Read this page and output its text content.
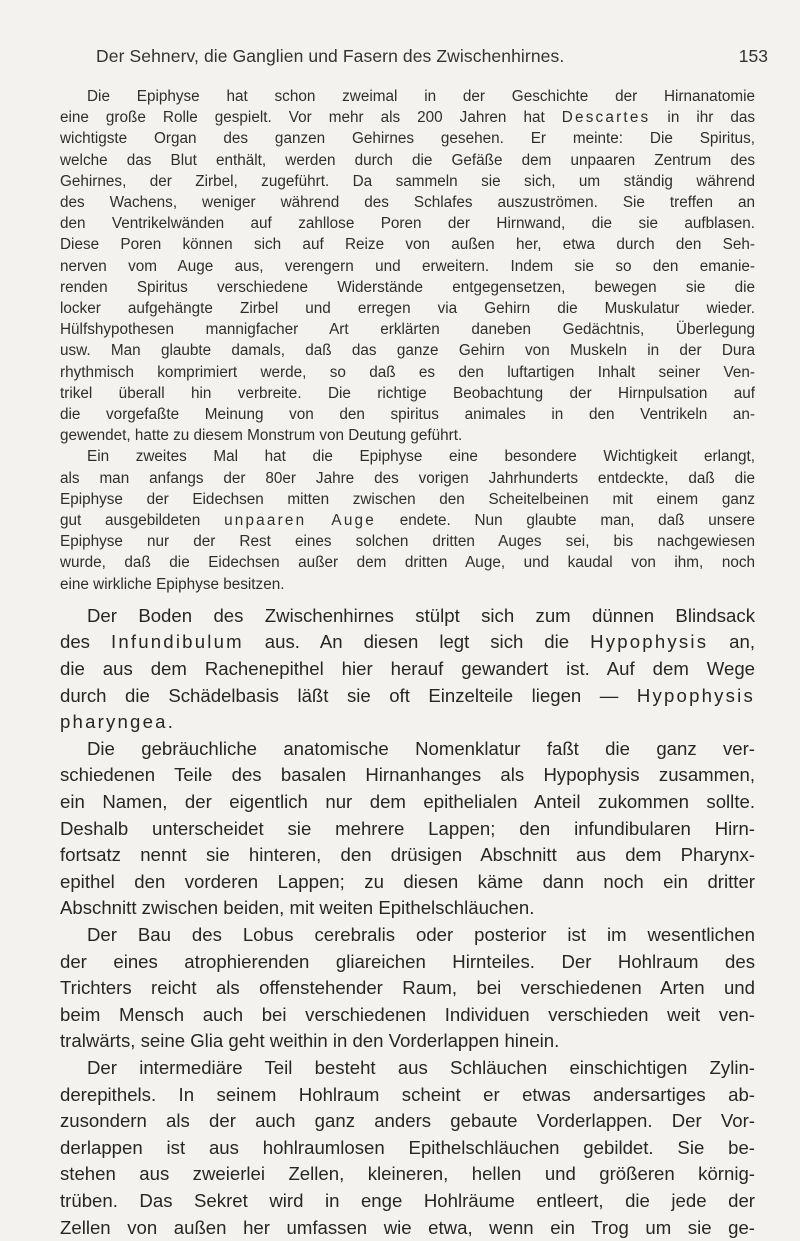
Der Sehnerv, die Ganglien und Fasern des Zwischenhirnes.	153

Die Epiphyse hat schon zweimal in der Geschichte der Hirnanatomie

eine große Rolle gespielt. Vor mehr als 200 Jahren hat Descartes in ihr das

wichtigste Organ des ganzen Gehirnes gesehen. Er meinte: Die Spiritus,

welche das Blut enthält, werden durch die Gefäße dem unpaaren Zentrum des

Gehirnes, der Zirbel, zugeführt. Da sammeln sie sich, um ständig während

des Wachens, weniger während des Schlafes auszuströmen. Sie treffen an

den Ventrikelwänden auf zahllose Poren der Hirnwand, die sie aufblasen.

Diese Poren können sich auf Reize von außen her, etwa durch den Seh-

nerven vom Auge aus, verengern und erweitern. Indem sie so den emanie-

renden Spiritus verschiedene Widerstände entgegensetzen, bewegen sie die

locker aufgehängte Zirbel und erregen via Gehirn die Muskulatur wieder.

Hülfshypothesen mannigfacher Art erklärten daneben Gedächtnis, Überlegung

usw. Man glaubte damals, daß das ganze Gehirn von Muskeln in der Dura

rhythmisch komprimiert werde, so daß es den luftartigen Inhalt seiner Ven-

trikel überall hin verbreite. Die richtige Beobachtung der Hirnpulsation auf

die vorgefaßte Meinung von den spiritus animales in den Ventrikeln an-

gewendet, hatte zu diesem Monstrum von Deutung geführt.

Ein zweites Mal hat die Epiphyse eine besondere Wichtigkeit erlangt,

als man anfangs der 80er Jahre des vorigen Jahrhunderts entdeckte, daß die

Epiphyse der Eidechsen mitten zwischen den Scheitelbeinen mit einem ganz

gut ausgebildeten unpaaren Auge endete. Nun glaubte man, daß unsere

Epiphyse nur der Rest eines solchen dritten Auges sei, bis nachgewiesen

wurde, daß die Eidechsen außer dem dritten Auge, und kaudal von ihm, noch

eine wirkliche Epiphyse besitzen.

Der Boden des Zwischenhirnes stülpt sich zum dünnen Blindsack

des Infundibulum aus. An diesen legt sich die Hypophysis an,

die aus dem Rachenepithel hier herauf gewandert ist. Auf dem Wege

durch die Schädelbasis läßt sie oft Einzelteile liegen — Hypophysis

pharyngea.

Die gebräuchliche anatomische Nomenklatur faßt die ganz ver-

schiedenen Teile des basalen Hirnanhanges als Hypophysis zusammen,

ein Namen, der eigentlich nur dem epithelialen Anteil zukommen sollte.

Deshalb unterscheidet sie mehrere Lappen; den infundibularen Hirn-

fortsatz nennt sie hinteren, den drüsigen Abschnitt aus dem Pharynx-

epithel den vorderen Lappen; zu diesen käme dann noch ein dritter

Abschnitt zwischen beiden, mit weiten Epithelschläuchen.

Der Bau des Lobus cerebralis oder posterior ist im wesentlichen

der eines atrophierenden gliareichen Hirnteiles. Der Hohlraum des

Trichters reicht als offenstehender Raum, bei verschiedenen Arten und

beim Mensch auch bei verschiedenen Individuen verschieden weit ven-

tralwärts, seine Glia geht weithin in den Vorderlappen hinein.

Der intermediäre Teil besteht aus Schläuchen einschichtigen Zylin-

derepithels. In seinem Hohlraum scheint er etwas andersartiges ab-

zusondern als der auch ganz anders gebaute Vorderlappen. Der Vor-

derlappen ist aus hohlraumlosen Epithelschläuchen gebildet. Sie be-

stehen aus zweierlei Zellen, kleineren, hellen und größeren körnig-

trüben. Das Sekret wird in enge Hohlräume entleert, die jede der

Zellen von außen her umfassen wie etwa, wenn ein Trog um sie ge-
